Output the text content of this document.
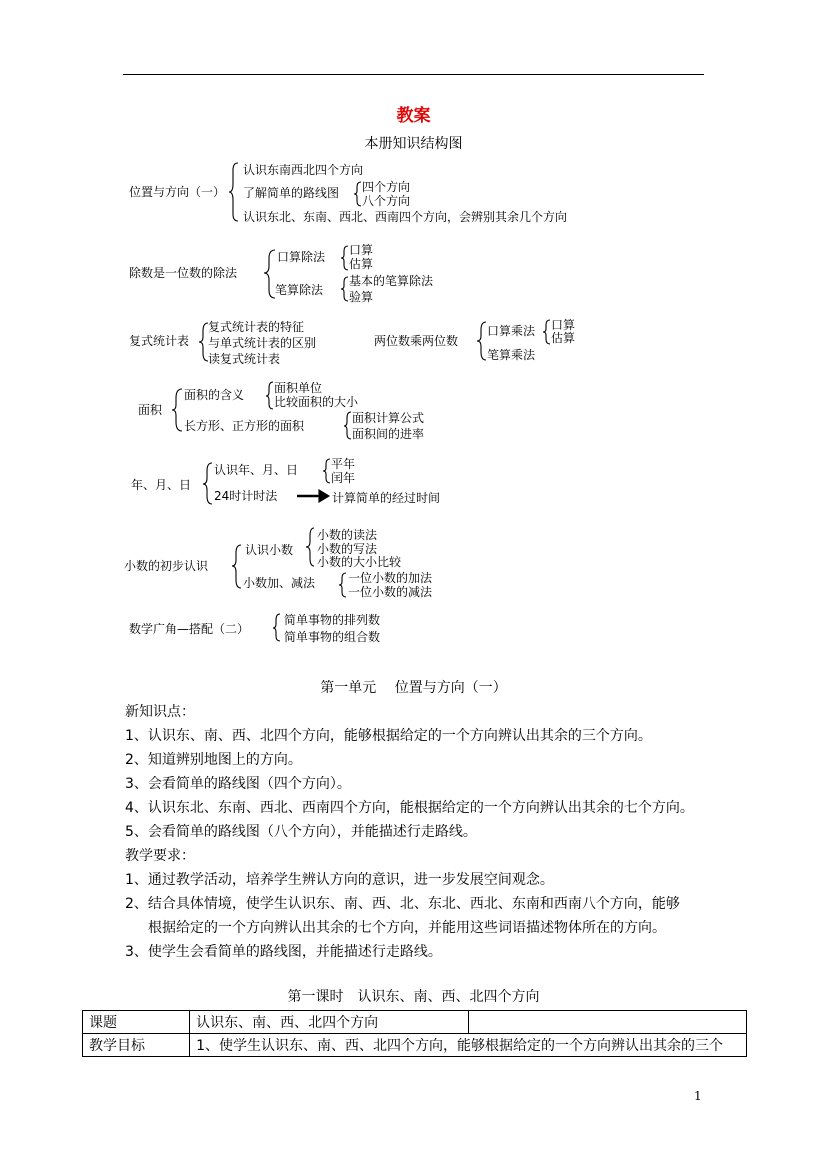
教案
本册知识结构图
位置与方向（一）
认识东南西北四个方向
了解简单的路线图 四个方向
八个方向
认识东北、东南、西北、西南四个方向，会辨别其余几个方向
除数是一位数的除法
口算除法 口算
估算
笔算除法
基本的笔算除法
验算
复式统计表
复式统计表的特征
与单式统计表的区别
读复式统计表
两位数乘两位数
口算乘法 口算
估算
笔算乘法
面积
面积的含义 面积单位
比较面积的大小
长方形、正方形的面积
面积计算公式
面积间的进率
年、月、日
认识年、月、日	平年
闰年
24时计时法	计算简单的经过时间
小数的初步认识
认识小数
小数的读法
小数的写法
小数的大小比较
小数加、减法	一位小数的加法
一位小数的减法
数学广角—搭配（二）
简单事物的排列数
简单事物的组合数
第一单元　 位置与方向（一）
新知识点：
1、认识东、南、西、北四个方向，能够根据给定的一个方向辨认出其余的三个方向。
2、知道辨别地图上的方向。
3、会看简单的路线图（四个方向）。
4、认识东北、东南、西北、西南四个方向，能根据给定的一个方向辨认出其余的七个方向。
5、会看简单的路线图（八个方向），并能描述行走路线。
教学要求：
1、通过教学活动，培养学生辨认方向的意识，进一步发展空间观念。
2、结合具体情境，使学生认识东、南、西、北、东北、西北、东南和西南八个方向，能够
根据给定的一个方向辨认出其余的七个方向，并能用这些词语描述物体所在的方向。
3、使学生会看简单的路线图，并能描述行走路线。
第一课时　认识东、南、西、北四个方向
课题	认识东、南、西、北四个方向	
教学目标	1、使学生认识东、南、西、北四个方向，能够根据给定的一个方向辨认出其余的三个	
1
